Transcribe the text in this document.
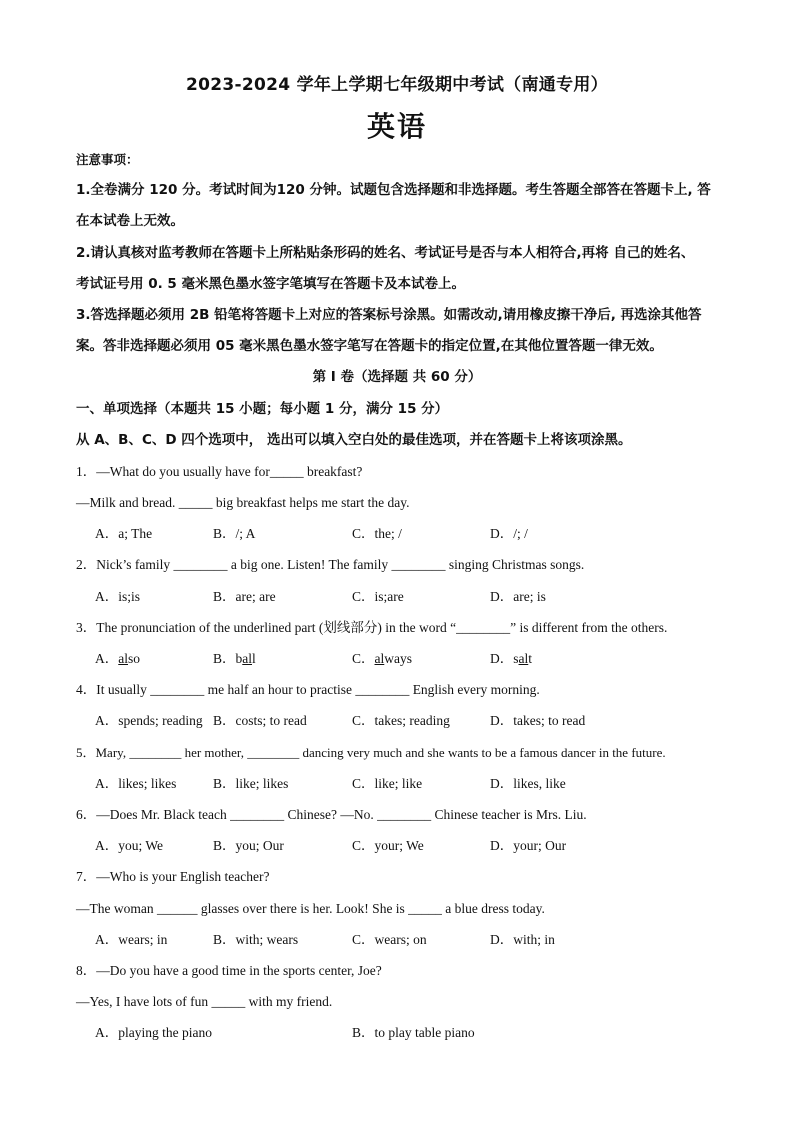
2023-2024 学年上学期七年级期中考试（南通专用）
英语
注意事项：
1.全卷满分 120 分。考试时间为120 分钟。试题包含选择题和非选择题。考生答题全部答在答题卡上, 答
在本试卷上无效。
2.请认真核对监考教师在答题卡上所粘贴条形码的姓名、考试证号是否与本人相符合,再将 自己的姓名、
考试证号用 0. 5 毫米黑色墨水签字笔填写在答题卡及本试卷上。
3.答选择题必须用 2B 铅笔将答题卡上对应的答案标号涂黑。如需改动,请用橡皮擦干净后, 再选涂其他答
案。答非选择题必须用 05 毫米黑色墨水签字笔写在答题卡的指定位置,在其他位置答题一律无效。
第 I 卷（选择题 共 60 分）
一、单项选择（本题共 15 小题；每小题 1 分，满分 15 分）
从 A、B、C、D 四个选项中， 选出可以填入空白处的最佳选项，并在答题卡上将该项涂黑。
1．—What do you usually have for_____ breakfast?
—Milk and bread. _____ big breakfast helps me start the day.
A．a; The	B．/; A	C．the; /	D．/; /
2．Nick’s family ________ a big one. Listen! The family ________ singing Christmas songs.
A．is;is	B．are; are	C．is;are	D．are; is
3．The pronunciation of the underlined part (划线部分) in the word “________” is different from the others.
A．also	B．ball	C．always	D．salt
4．It usually ________ me half an hour to practise ________ English every morning.
A．spends; reading B．costs; to read	C．takes; reading	D．takes; to read
5．Mary, ________ her mother, ________ dancing very much and she wants to be a famous dancer in the future.
A．likes; likes	B．like; likes	C．like; like	D．likes, like
6．—Does Mr. Black teach ________ Chinese? —No. ________ Chinese teacher is Mrs. Liu.
A．you; We	B．you; Our	C．your; We	D．your; Our
7．—Who is your English teacher?
—The woman ______ glasses over there is her. Look! She is _____ a blue dress today.
A．wears; in	B．with; wears	C．wears; on	D．with; in
8．—Do you have a good time in the sports center, Joe?
—Yes, I have lots of fun _____ with my friend.
A．playing the piano	B．to play table piano
